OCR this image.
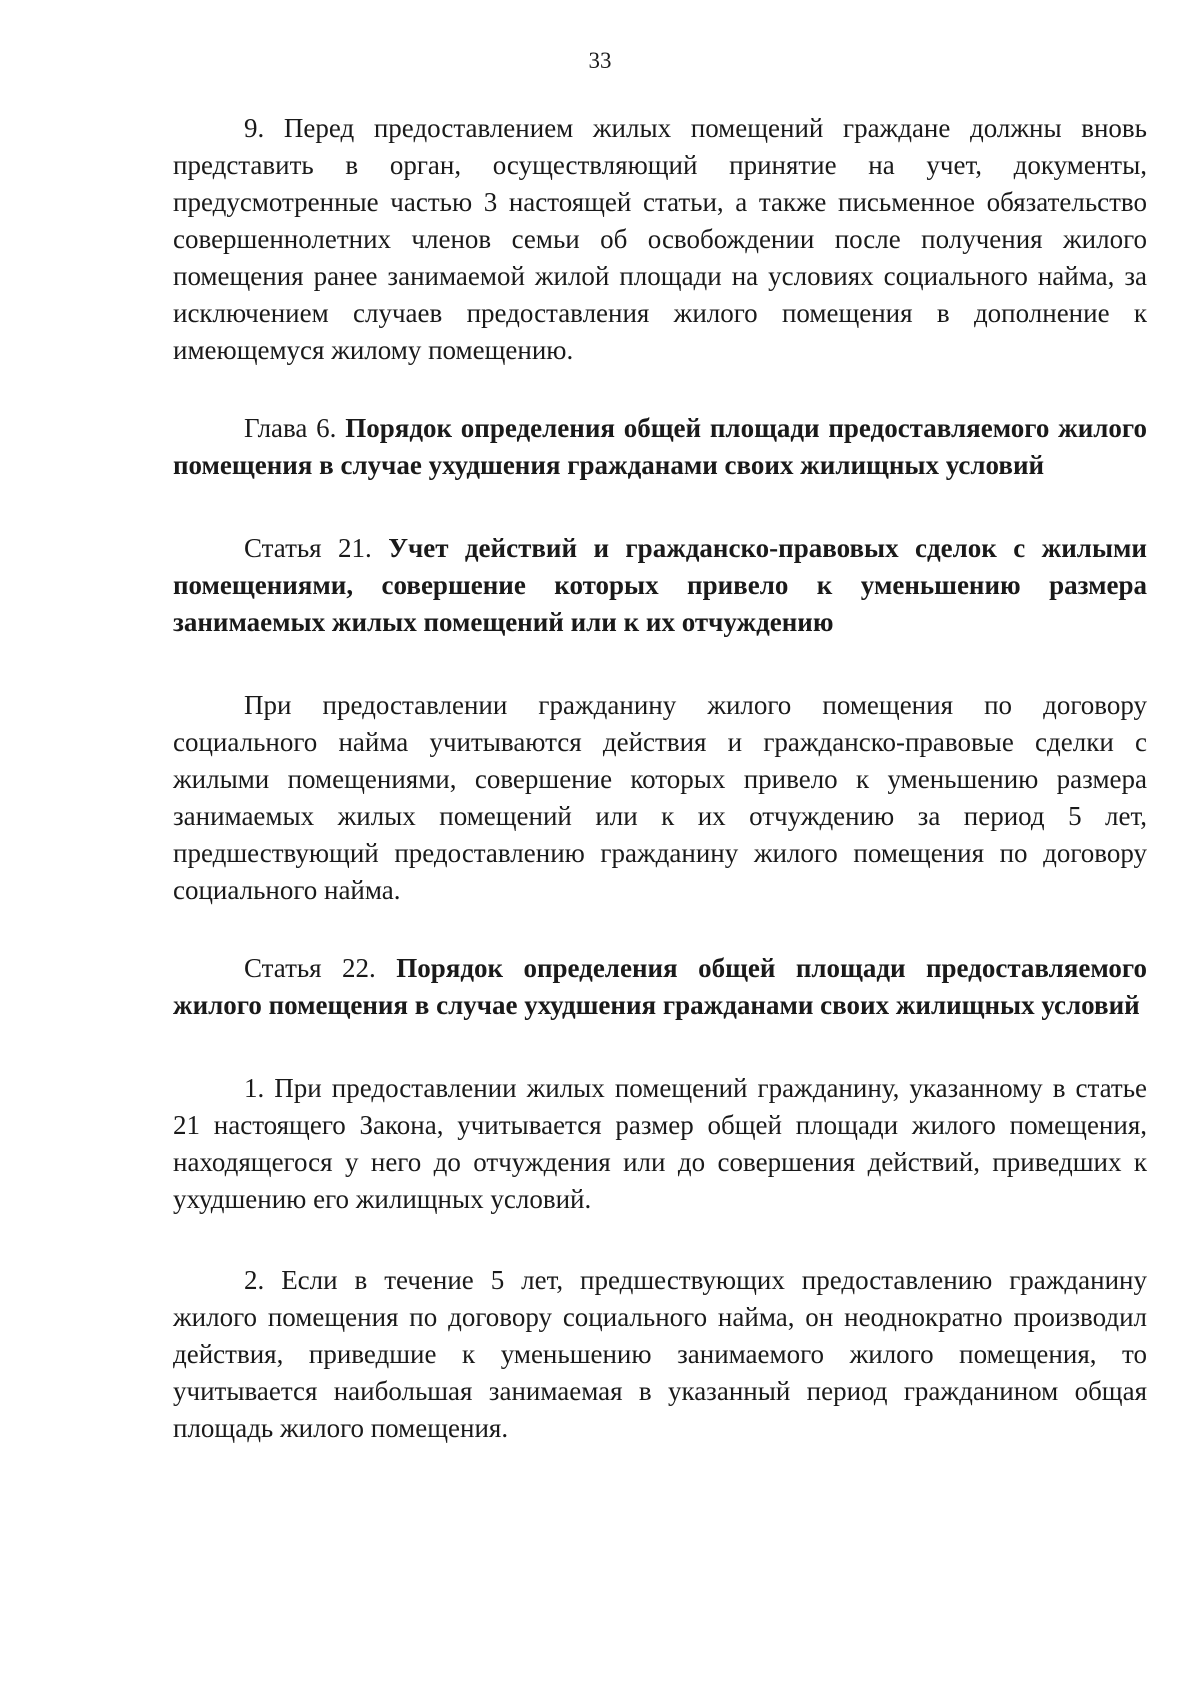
33

9. Перед предоставлением жилых помещений граждане должны вновь представить в орган, осуществляющий принятие на учет, документы, предусмотренные частью 3 настоящей статьи, а также письменное обязательство совершеннолетних членов семьи об освобождении после получения жилого помещения ранее занимаемой жилой площади на условиях социального найма, за исключением случаев предоставления жилого помещения в дополнение к имеющемуся жилому помещению.

Глава 6. Порядок определения общей площади предоставляемого жилого помещения в случае ухудшения гражданами своих жилищных условий

Статья 21. Учет действий и гражданско-правовых сделок с жилыми помещениями, совершение которых привело к уменьшению размера занимаемых жилых помещений или к их отчуждению

При предоставлении гражданину жилого помещения по договору социального найма учитываются действия и гражданско-правовые сделки с жилыми помещениями, совершение которых привело к уменьшению размера занимаемых жилых помещений или к их отчуждению за период 5 лет, предшествующий предоставлению гражданину жилого помещения по договору социального найма.

Статья 22. Порядок определения общей площади предоставляемого жилого помещения в случае ухудшения гражданами своих жилищных условий

1. При предоставлении жилых помещений гражданину, указанному в статье 21 настоящего Закона, учитывается размер общей площади жилого помещения, находящегося у него до отчуждения или до совершения действий, приведших к ухудшению его жилищных условий.

2. Если в течение 5 лет, предшествующих предоставлению гражданину жилого помещения по договору социального найма, он неоднократно производил действия, приведшие к уменьшению занимаемого жилого помещения, то учитывается наибольшая занимаемая в указанный период гражданином общая площадь жилого помещения.
